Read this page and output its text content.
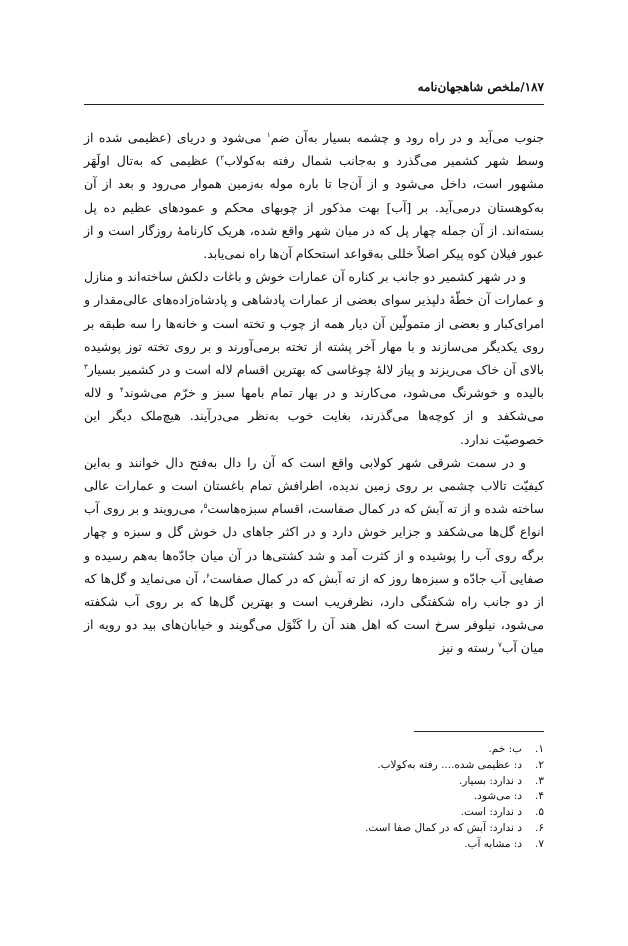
۱۸۷/ملخص شاهجهان‌نامه

جنوب می‌آید و در راه رود و چشمه بسیار به‌آن ضم$^۱$ می‌شود و دریای (عظیمی شده از وسط شهر کشمیر می‌گذرد و به‌جانب شمال رفته به‌کولاب$^۲$) عظیمی که به‌تال اولَهَر مشهور است، داخل می‌شود و از آن‌جا تا باره موله به‌زمین هموار می‌رود و بعد از آن به‌کوهستان درمی‌آید. بر [آب] بهت مذکور از چوبهای محکم و عمودهای عظیم ده پل بسته‌اند. از آن جمله چهار پل که در میان شهر واقع شده، هریک کارنامۀ روزگار است و از عبور فیلان کوه پیکر اصلاً خللی به‌قواعد استحکام آن‌ها راه نمی‌یابد.

و در شهر کشمیر دو جانب بر کناره آن عمارات خوش و باغات دلکش ساخته‌اند و منازل و عمارات آن خطّۀ دلپذیر سوای بعضی از عمارات پادشاهی و پادشاه‌زاده‌های عالی‌مقدار و امرای‌کبار و بعضی از متمولّین آن دیار همه از چوب و تخته است و خانه‌ها را سه طبقه بر روی یکدیگر می‌سازند و با مهار آخر پشته از تخته برمی‌آورند و بر روی تخته توز پوشیده بالای آن خاک می‌ریزند و پیاز لالۀ چوغاسی که بهترین اقسام لاله است و در کشمیر بسیار$^۳$ بالیده و خوشرنگ می‌شود، می‌کارند و در بهار تمام بامها سبز و خرّم می‌شوند$^۴$ و لاله می‌شکفد و از کوچه‌ها می‌گذرند، بغایت خوب به‌نظر می‌درآیند. هیچ‌ملک دیگر این خصوصیّت ندارد.

و در سمت شرقی شهر کولابی واقع است که آن را دال به‌فتح دال خوانند و به‌این کیفیّت تالاب چشمی بر روی زمین ندیده، اطرافش تمام باغستان است و عمارات عالی ساخته شده و از ته آبش که در کمال صفاست، اقسام سبزه‌هاست$^۵$، می‌رویند و بر روی آب انواع گل‌ها می‌شکفد و جزایر خوش دارد و در اکثر جاهای دل خوش گل و سبزه و چهار برگه روی آب را پوشیده و از کثرت آمد و شد کشتی‌ها در آن میان جادّه‌ها به‌هم رسیده و صفایی آب جادّه و سبزه‌ها روز که از ته آبش که در کمال صفاست$^۶$، آن می‌نماید و گل‌ها که از دو جانب راه شکفتگی دارد، نظرفریب است و بهترین گل‌ها که بر روی آب شکفته می‌شود، نیلوفر سرخ است که اهل هند آن را کَنْوَل می‌گویند و خیابان‌های بید دو رویه از میان آب$^۷$ رسته و نیز

۱.ب: خم.
۲.د: عظیمی شده.... رفته به‌کولاب.
۳.د ندارد: بسیار.
۴.د: می‌شود.
۵.د ندارد: است.
۶.د ندارد: آبش که در کمال صفا است.
۷.د: مشابه آب.
